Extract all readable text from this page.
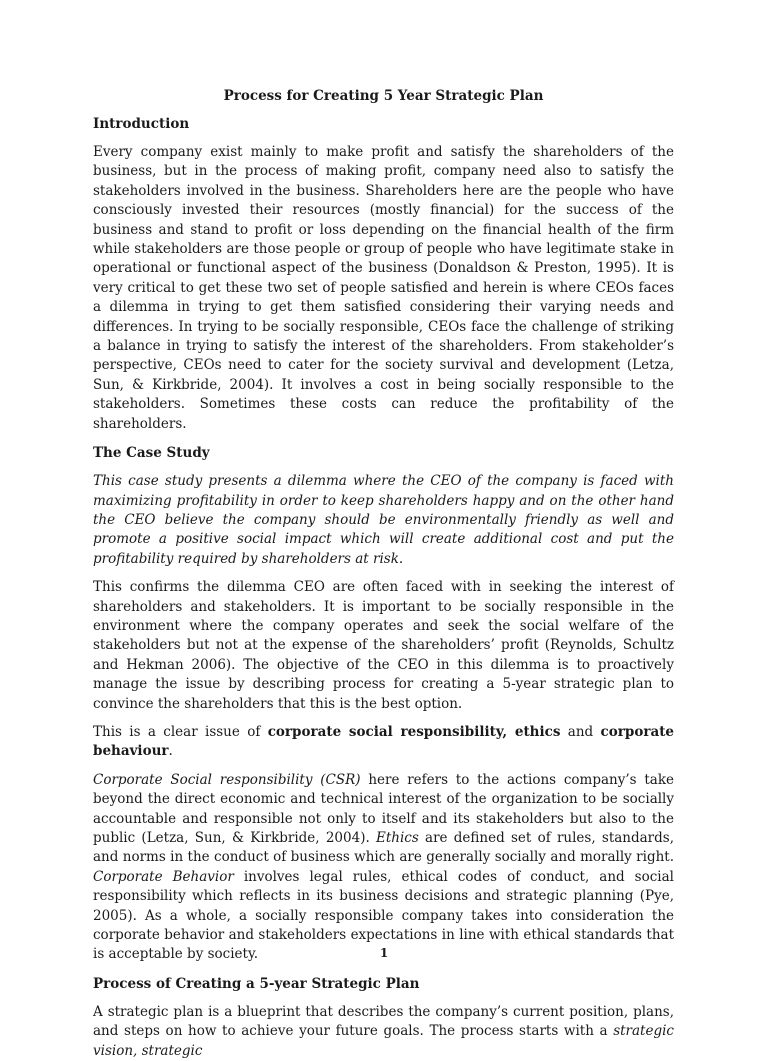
Process for Creating 5 Year Strategic Plan
Introduction

Every company exist mainly to make profit and satisfy the shareholders of the business, but in the process of making profit, company need also to satisfy the stakeholders involved in the business. Shareholders here are the people who have consciously invested their resources (mostly financial) for the success of the business and stand to profit or loss depending on the financial health of the firm while stakeholders are those people or group of people who have legitimate stake in operational or functional aspect of the business (Donaldson & Preston, 1995). It is very critical to get these two set of people satisfied and herein is where CEOs faces a dilemma in trying to get them satisfied considering their varying needs and differences. In trying to be socially responsible, CEOs face the challenge of striking a balance in trying to satisfy the interest of the shareholders. From stakeholder’s perspective, CEOs need to cater for the society survival and development (Letza, Sun, & Kirkbride, 2004). It involves a cost in being socially responsible to the stakeholders. Sometimes these costs can reduce the profitability of the shareholders.

The Case Study

This case study presents a dilemma where the CEO of the company is faced with maximizing profitability in order to keep shareholders happy and on the other hand the CEO believe the company should be environmentally friendly as well and promote a positive social impact which will create additional cost and put the profitability required by shareholders at risk.

This confirms the dilemma CEO are often faced with in seeking the interest of shareholders and stakeholders. It is important to be socially responsible in the environment where the company operates and seek the social welfare of the stakeholders but not at the expense of the shareholders’ profit (Reynolds, Schultz and Hekman 2006). The objective of the CEO in this dilemma is to proactively manage the issue by describing process for creating a 5-year strategic plan to convince the shareholders that this is the best option.

This is a clear issue of corporate social responsibility, ethics and corporate behaviour.

Corporate Social responsibility (CSR) here refers to the actions company’s take beyond the direct economic and technical interest of the organization to be socially accountable and responsible not only to itself and its stakeholders but also to the public (Letza, Sun, & Kirkbride, 2004). Ethics are defined set of rules, standards, and norms in the conduct of business which are generally socially and morally right. Corporate Behavior involves legal rules, ethical codes of conduct, and social responsibility which reflects in its business decisions and strategic planning (Pye, 2005). As a whole, a socially responsible company takes into consideration the corporate behavior and stakeholders expectations in line with ethical standards that is acceptable by society.

Process of Creating a 5-year Strategic Plan

A strategic plan is a blueprint that describes the company’s current position, plans, and steps on how to achieve your future goals. The process starts with a strategic vision, strategic

1
